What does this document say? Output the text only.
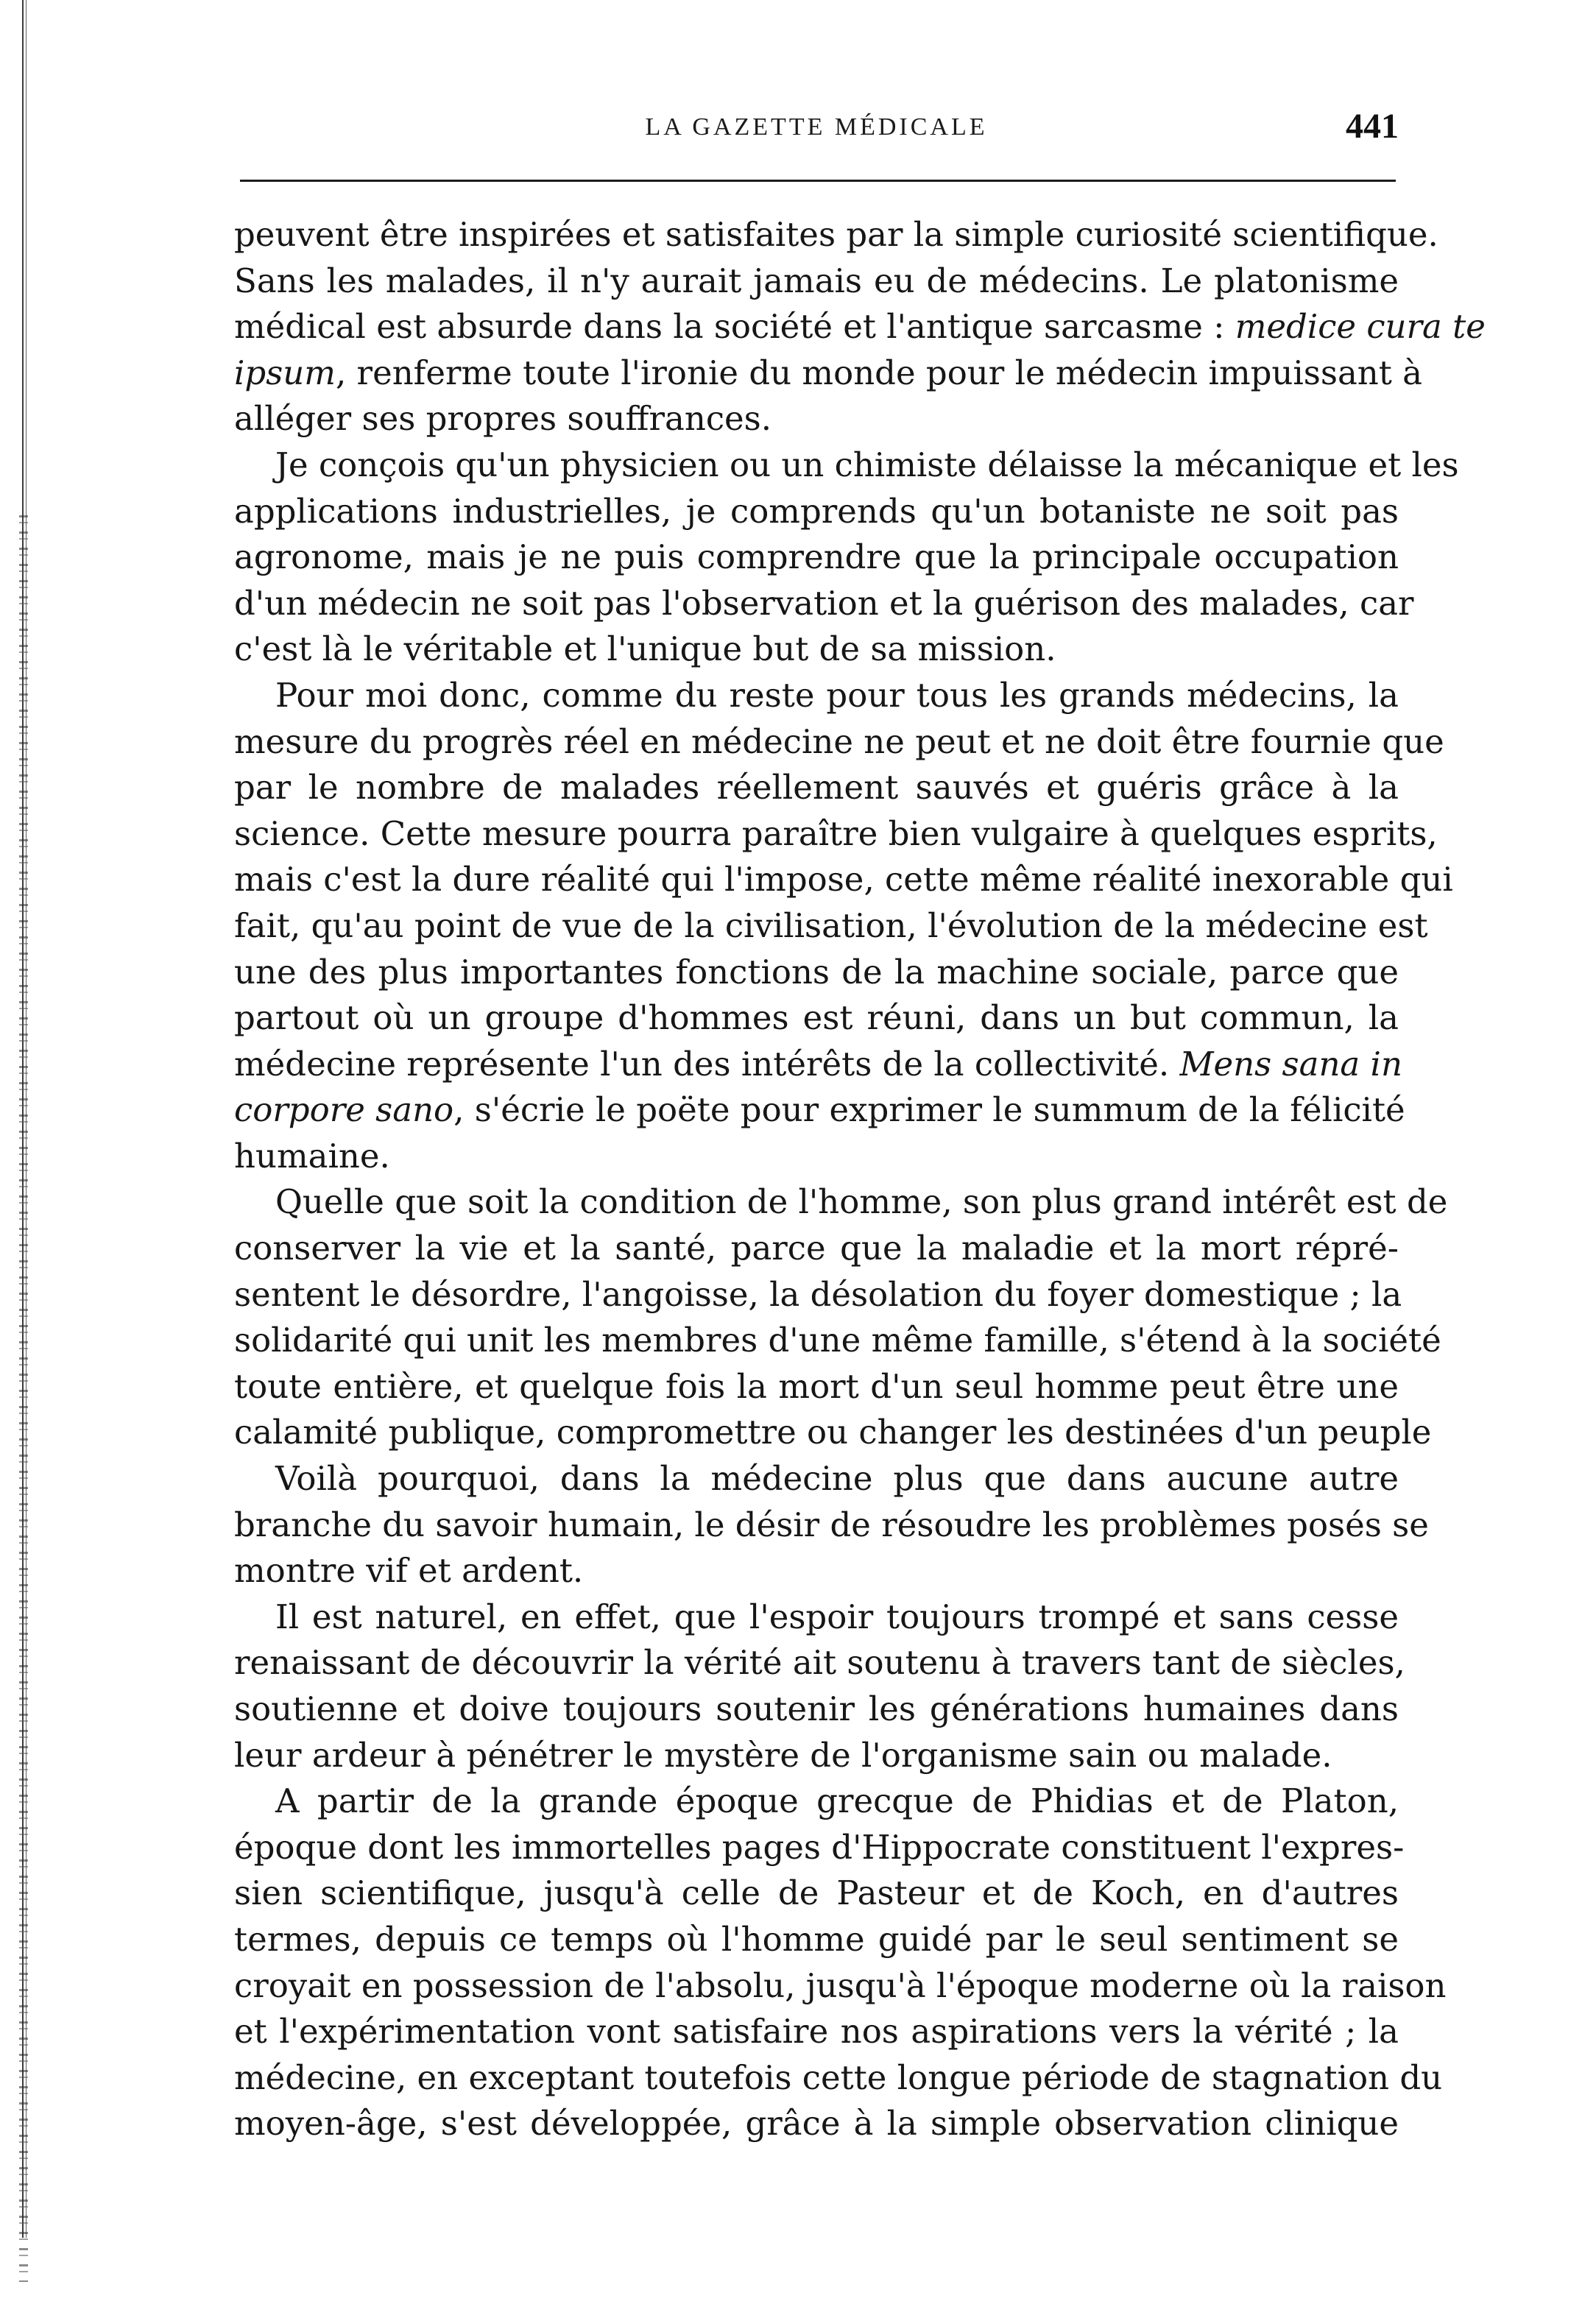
LA GAZETTE MÉDICALE	441
peuvent être inspirées et satisfaites par la simple curiosité scientifique.
Sans les malades, il n'y aurait jamais eu de médecins. Le platonisme
médical est absurde dans la société et l'antique sarcasme : medice cura te
ipsum, renferme toute l'ironie du monde pour le médecin impuissant à
alléger ses propres souffrances.
Je conçois qu'un physicien ou un chimiste délaisse la mécanique et les
applications industrielles, je comprends qu'un botaniste ne soit pas
agronome, mais je ne puis comprendre que la principale occupation
d'un médecin ne soit pas l'observation et la guérison des malades, car
c'est là le véritable et l'unique but de sa mission.
Pour moi donc, comme du reste pour tous les grands médecins, la
mesure du progrès réel en médecine ne peut et ne doit être fournie que
par le nombre de malades réellement sauvés et guéris grâce à la
science. Cette mesure pourra paraître bien vulgaire à quelques esprits,
mais c'est la dure réalité qui l'impose, cette même réalité inexorable qui
fait, qu'au point de vue de la civilisation, l'évolution de la médecine est
une des plus importantes fonctions de la machine sociale, parce que
partout où un groupe d'hommes est réuni, dans un but commun, la
médecine représente l'un des intérêts de la collectivité. Mens sana in
corpore sano, s'écrie le poëte pour exprimer le summum de la félicité
humaine.
Quelle que soit la condition de l'homme, son plus grand intérêt est de
conserver la vie et la santé, parce que la maladie et la mort répré-
sentent le désordre, l'angoisse, la désolation du foyer domestique ; la
solidarité qui unit les membres d'une même famille, s'étend à la société
toute entière, et quelque fois la mort d'un seul homme peut être une
calamité publique, compromettre ou changer les destinées d'un peuple
Voilà pourquoi, dans la médecine plus que dans aucune autre
branche du savoir humain, le désir de résoudre les problèmes posés se
montre vif et ardent.
Il est naturel, en effet, que l'espoir toujours trompé et sans cesse
renaissant de découvrir la vérité ait soutenu à travers tant de siècles,
soutienne et doive toujours soutenir les générations humaines dans
leur ardeur à pénétrer le mystère de l'organisme sain ou malade.
A partir de la grande époque grecque de Phidias et de Platon,
époque dont les immortelles pages d'Hippocrate constituent l'expres-
sien scientifique, jusqu'à celle de Pasteur et de Koch, en d'autres
termes, depuis ce temps où l'homme guidé par le seul sentiment se
croyait en possession de l'absolu, jusqu'à l'époque moderne où la raison
et l'expérimentation vont satisfaire nos aspirations vers la vérité ; la
médecine, en exceptant toutefois cette longue période de stagnation du
moyen-âge, s'est développée, grâce à la simple observation clinique
